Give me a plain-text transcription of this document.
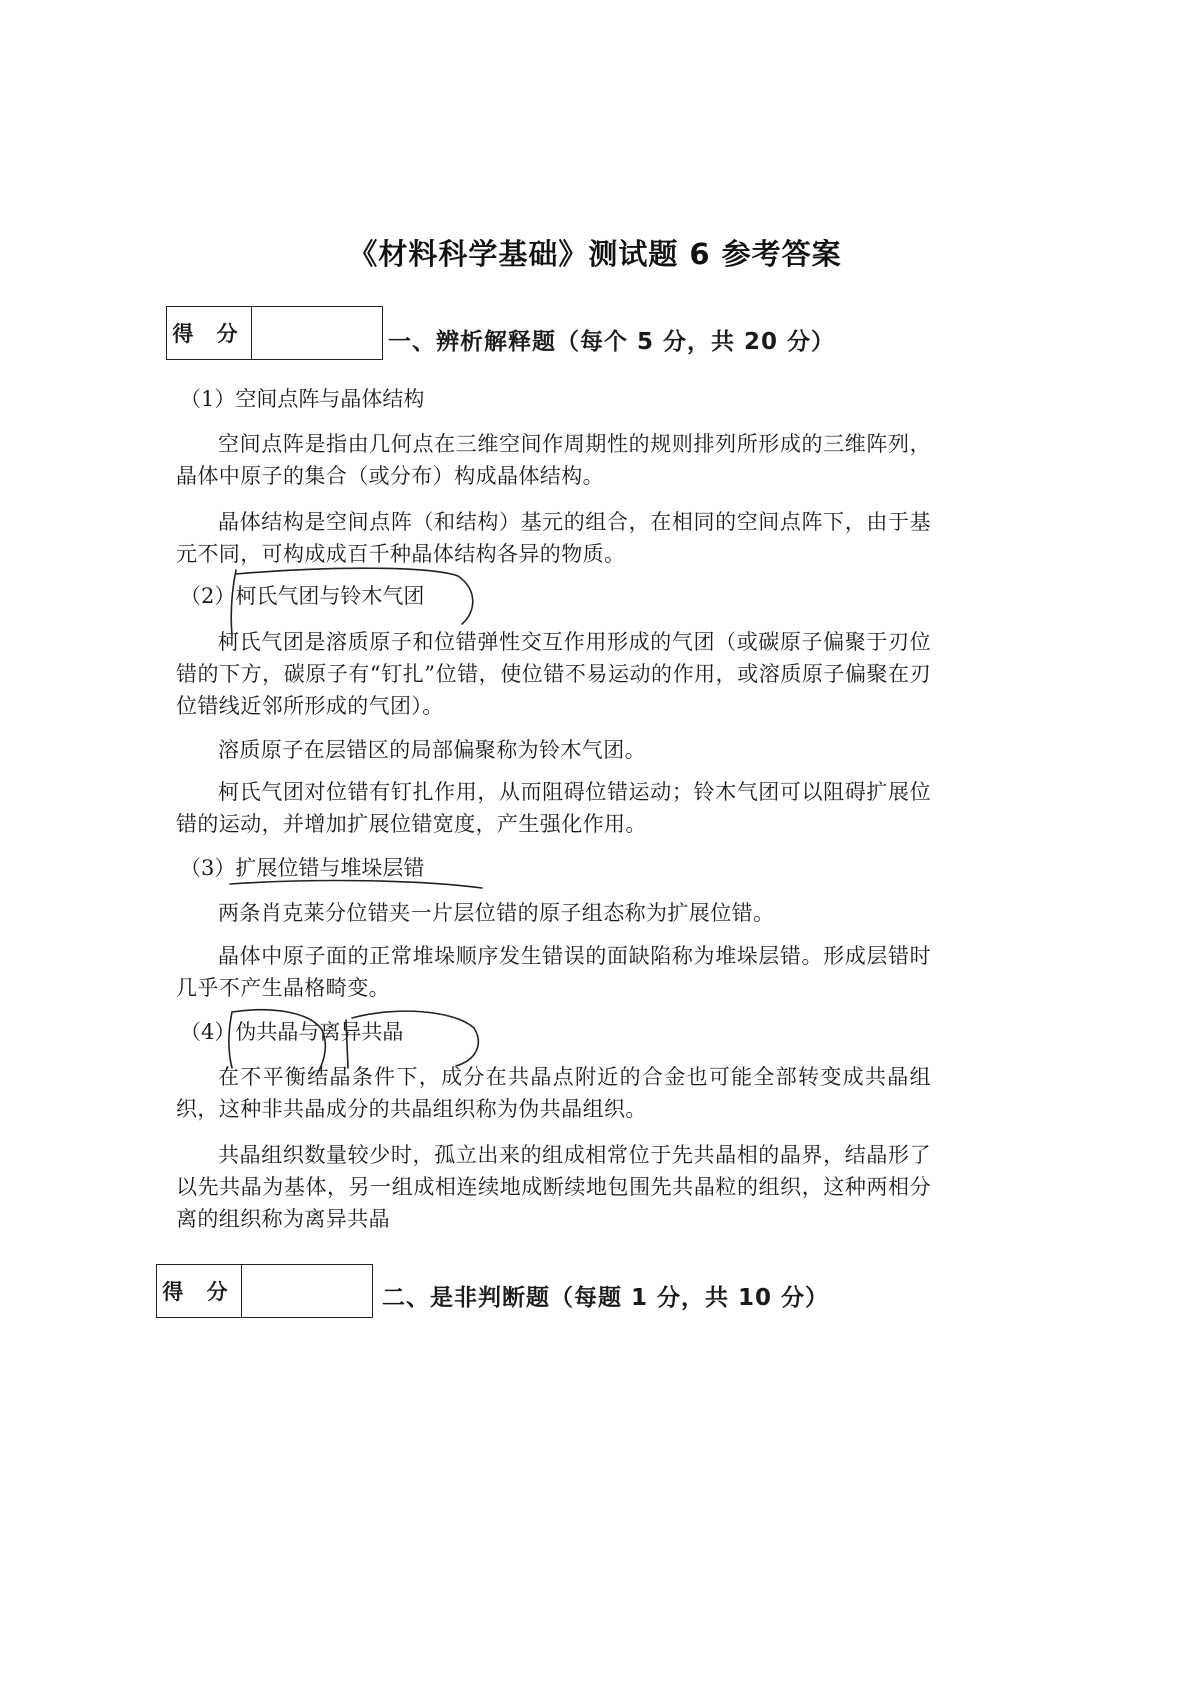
《材料科学基础》测试题 6 参考答案
得 分	一、辨析解释题（每个 5 分，共 20 分）
（1）空间点阵与晶体结构
空间点阵是指由几何点在三维空间作周期性的规则排列所形成的三维阵列，晶体中原子的集合（或分布）构成晶体结构。
晶体结构是空间点阵（和结构）基元的组合，在相同的空间点阵下，由于基元不同，可构成成百千种晶体结构各异的物质。
（2）柯氏气团与铃木气团
柯氏气团是溶质原子和位错弹性交互作用形成的气团（或碳原子偏聚于刃位错的下方，碳原子有“钉扎”位错，使位错不易运动的作用，或溶质原子偏聚在刃位错线近邻所形成的气团）。
溶质原子在层错区的局部偏聚称为铃木气团。
柯氏气团对位错有钉扎作用，从而阻碍位错运动；铃木气团可以阻碍扩展位错的运动，并增加扩展位错宽度，产生强化作用。
（3）扩展位错与堆垛层错
两条肖克莱分位错夹一片层位错的原子组态称为扩展位错。
晶体中原子面的正常堆垛顺序发生错误的面缺陷称为堆垛层错。形成层错时几乎不产生晶格畸变。
（4）伪共晶与离异共晶
在不平衡结晶条件下，成分在共晶点附近的合金也可能全部转变成共晶组织，这种非共晶成分的共晶组织称为伪共晶组织。
共晶组织数量较少时，孤立出来的组成相常位于先共晶相的晶界，结晶形了以先共晶为基体，另一组成相连续地成断续地包围先共晶粒的组织，这种两相分离的组织称为离异共晶
得 分	二、是非判断题（每题 1 分，共 10 分）
